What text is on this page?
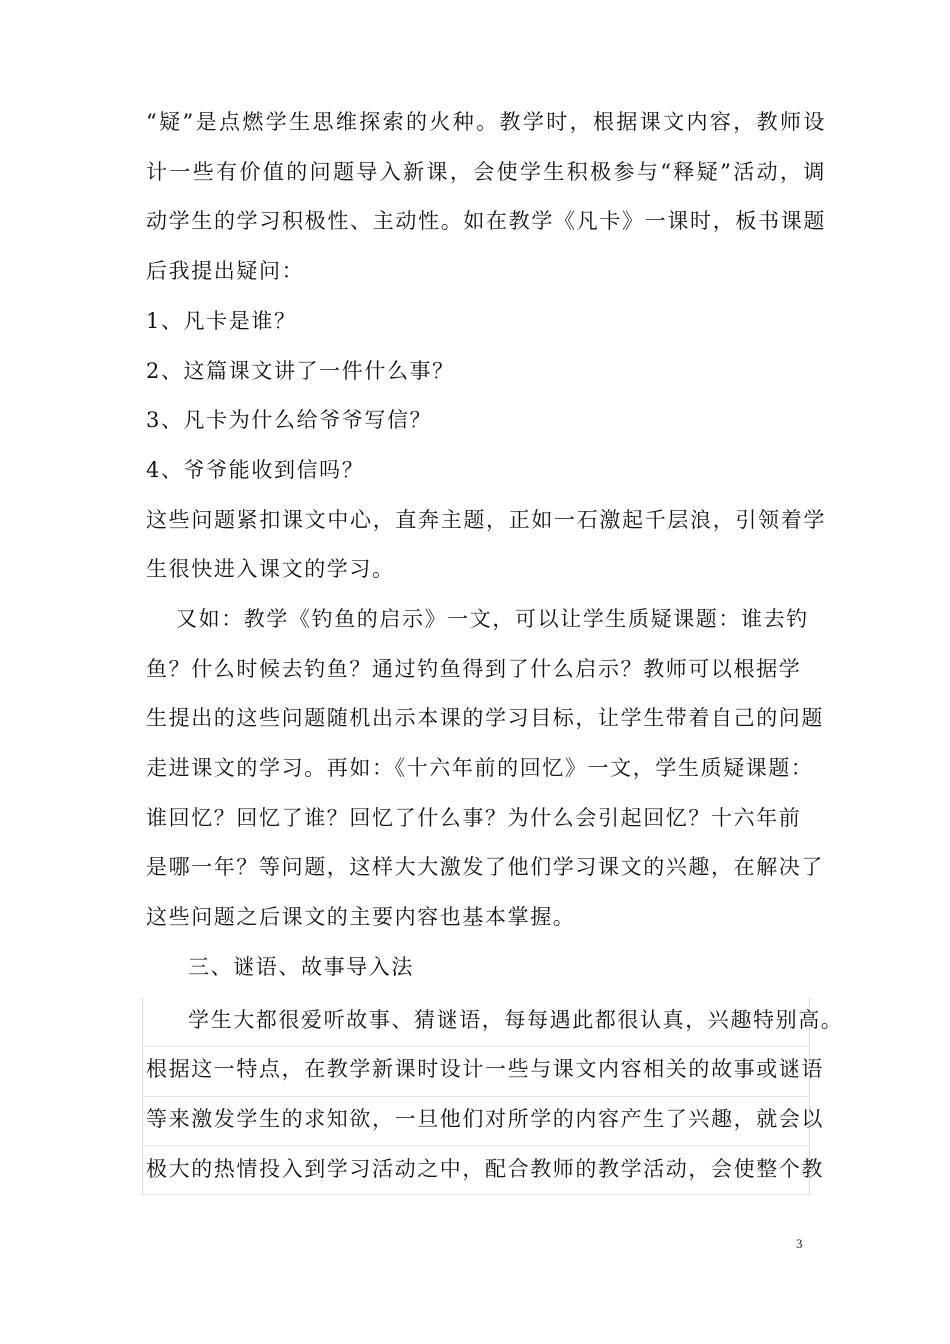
“疑”是点燃学生思维探索的火种。教学时，根据课文内容，教师设
计一些有价值的问题导入新课，会使学生积极参与“释疑”活动，调
动学生的学习积极性、主动性。如在教学《凡卡》一课时，板书课题
后我提出疑问：
1、凡卡是谁？
2、这篇课文讲了一件什么事？
3、凡卡为什么给爷爷写信？
4、爷爷能收到信吗？
这些问题紧扣课文中心，直奔主题，正如一石激起千层浪，引领着学
生很快进入课文的学习。
又如：教学《钓鱼的启示》一文，可以让学生质疑课题：谁去钓
鱼？什么时候去钓鱼？通过钓鱼得到了什么启示？教师可以根据学
生提出的这些问题随机出示本课的学习目标，让学生带着自己的问题
走进课文的学习。再如：《十六年前的回忆》一文，学生质疑课题：
谁回忆？回忆了谁？回忆了什么事？为什么会引起回忆？十六年前
是哪一年？等问题，这样大大激发了他们学习课文的兴趣，在解决了
这些问题之后课文的主要内容也基本掌握。
三、谜语、故事导入法
学生大都很爱听故事、猜谜语，每每遇此都很认真，兴趣特别高。
根据这一特点，在教学新课时设计一些与课文内容相关的故事或谜语
等来激发学生的求知欲，一旦他们对所学的内容产生了兴趣，就会以
极大的热情投入到学习活动之中，配合教师的教学活动，会使整个教
3
